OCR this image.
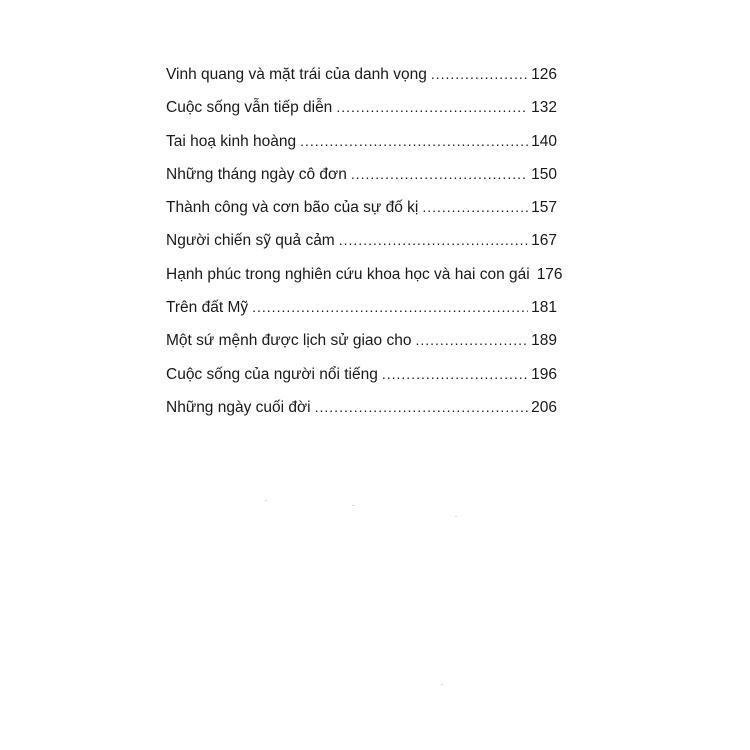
Vinh quang và mặt trái của danh vọng .....	126
Cuộc sống vẫn tiếp diễn .....	132
Tai hoạ kinh hoàng .....	140
Những tháng ngày cô đơn .....	150
Thành công và cơn bão của sự đố kị .....	157
Người chiến sỹ quả cảm .....	167
Hạnh phúc trong nghiên cứu khoa học và hai con gái 176
Trên đất Mỹ .....	181
Một sứ mệnh được lịch sử giao cho .....	189
Cuộc sống của người nổi tiếng .....	196
Những ngày cuối đời .....	206
